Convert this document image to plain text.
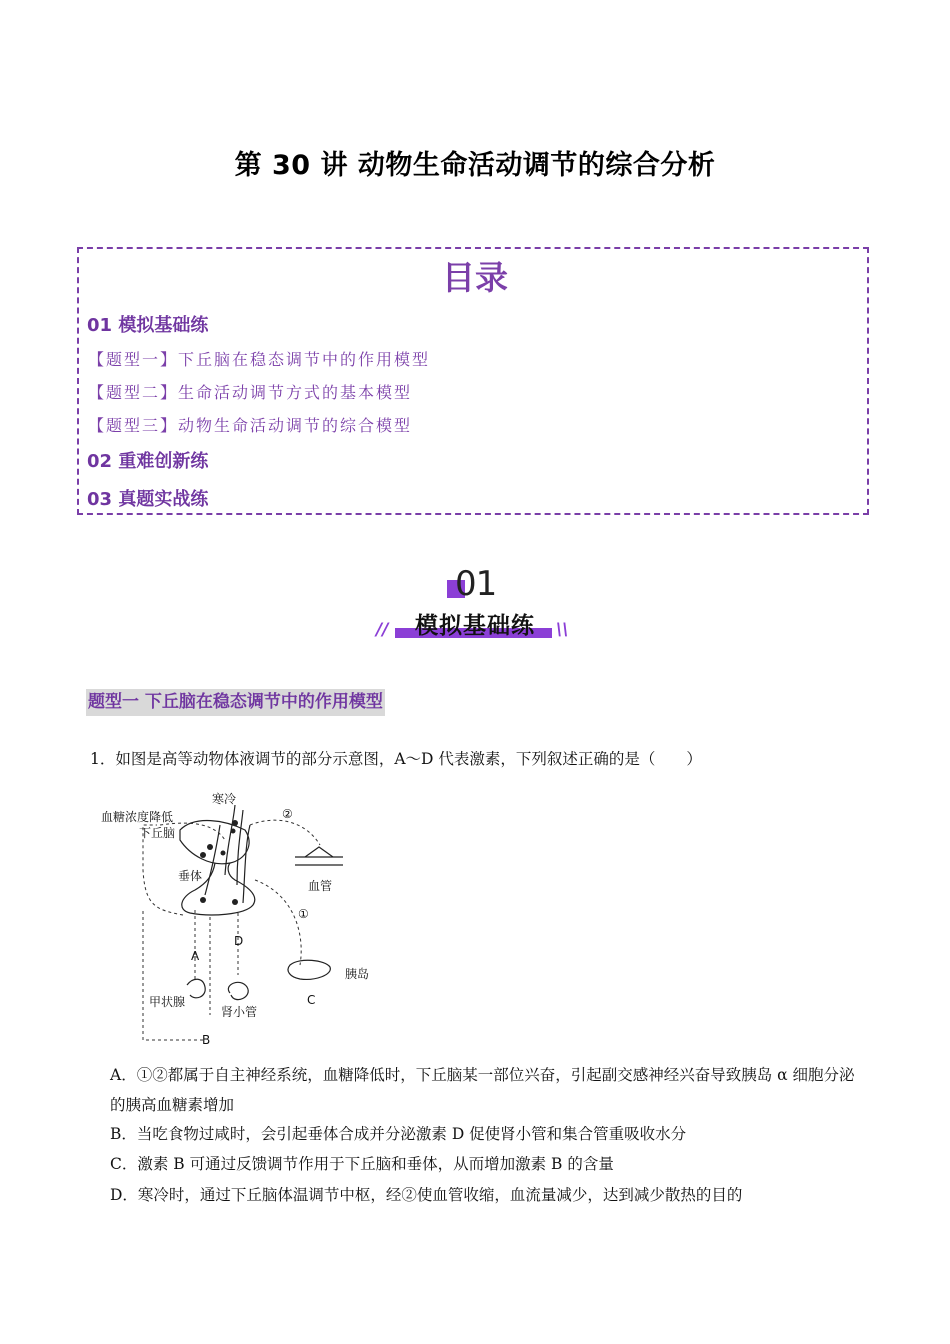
第 30 讲 动物生命活动调节的综合分析
目录
01 模拟基础练
【题型一】下丘脑在稳态调节中的作用模型
【题型二】生命活动调节方式的基本模型
【题型三】动物生命活动调节的综合模型
02 重难创新练
03 真题实战练
01
模拟基础练
//	\\
题型一 下丘脑在稳态调节中的作用模型
1．如图是高等动物体液调节的部分示意图，A～D 代表激素，下列叙述正确的是（　　）
寒冷
血糖浓度降低
下丘脑
②
垂体
血管
①
D
A
胰岛
C
甲状腺
肾小管
B
A．①②都属于自主神经系统，血糖降低时，下丘脑某一部位兴奋，引起副交感神经兴奋导致胰岛 α 细胞分泌的胰高血糖素增加
B．当吃食物过咸时，会引起垂体合成并分泌激素 D 促使肾小管和集合管重吸收水分
C．激素 B 可通过反馈调节作用于下丘脑和垂体，从而增加激素 B 的含量
D．寒冷时，通过下丘脑体温调节中枢，经②使血管收缩，血流量减少，达到减少散热的目的
